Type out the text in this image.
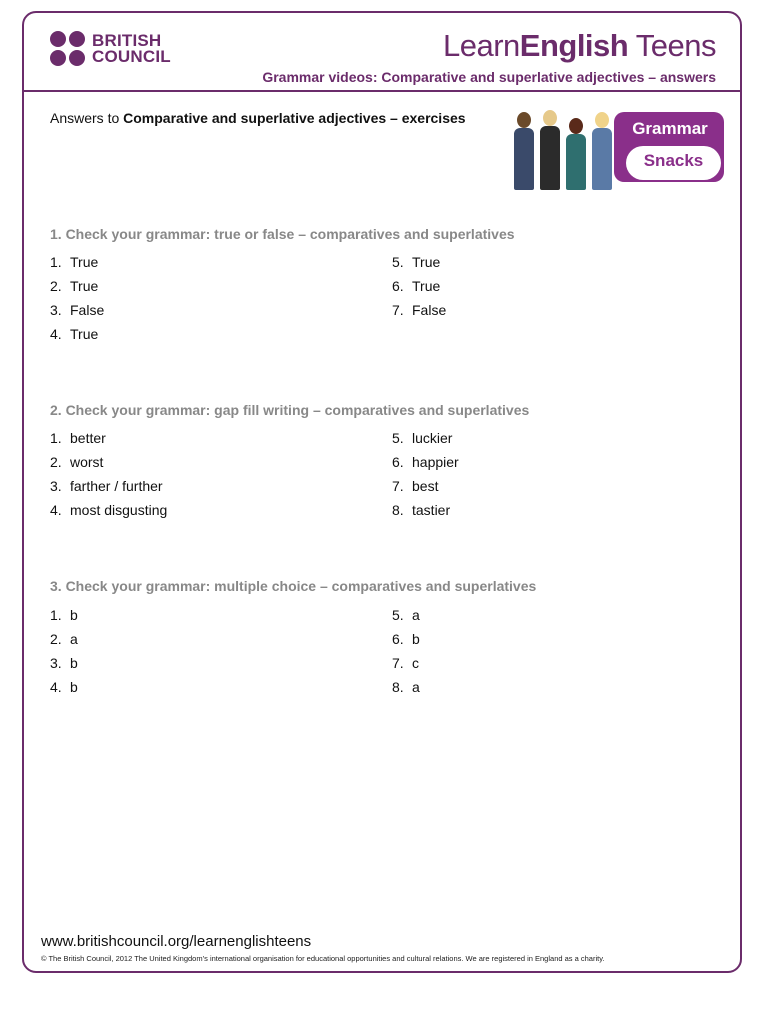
BRITISH
COUNCIL	LearnEnglish Teens
Grammar videos: Comparative and superlative adjectives – answers
Answers to Comparative and superlative adjectives – exercises
Grammar
Snacks
1. Check your grammar: true or false – comparatives and superlatives
1. True
2. True
3. False
4. True
5. True
6. True
7. False
2. Check your grammar: gap fill writing – comparatives and superlatives
1. better
2. worst
3. farther / further
4. most disgusting
5. luckier
6. happier
7. best
8. tastier
3. Check your grammar: multiple choice – comparatives and superlatives
1. b
2. a
3. b
4. b
5. a
6. b
7. c
8. a
www.britishcouncil.org/learnenglishteens
© The British Council, 2012 The United Kingdom’s international organisation for educational opportunities and cultural relations. We are registered in England as a charity.
